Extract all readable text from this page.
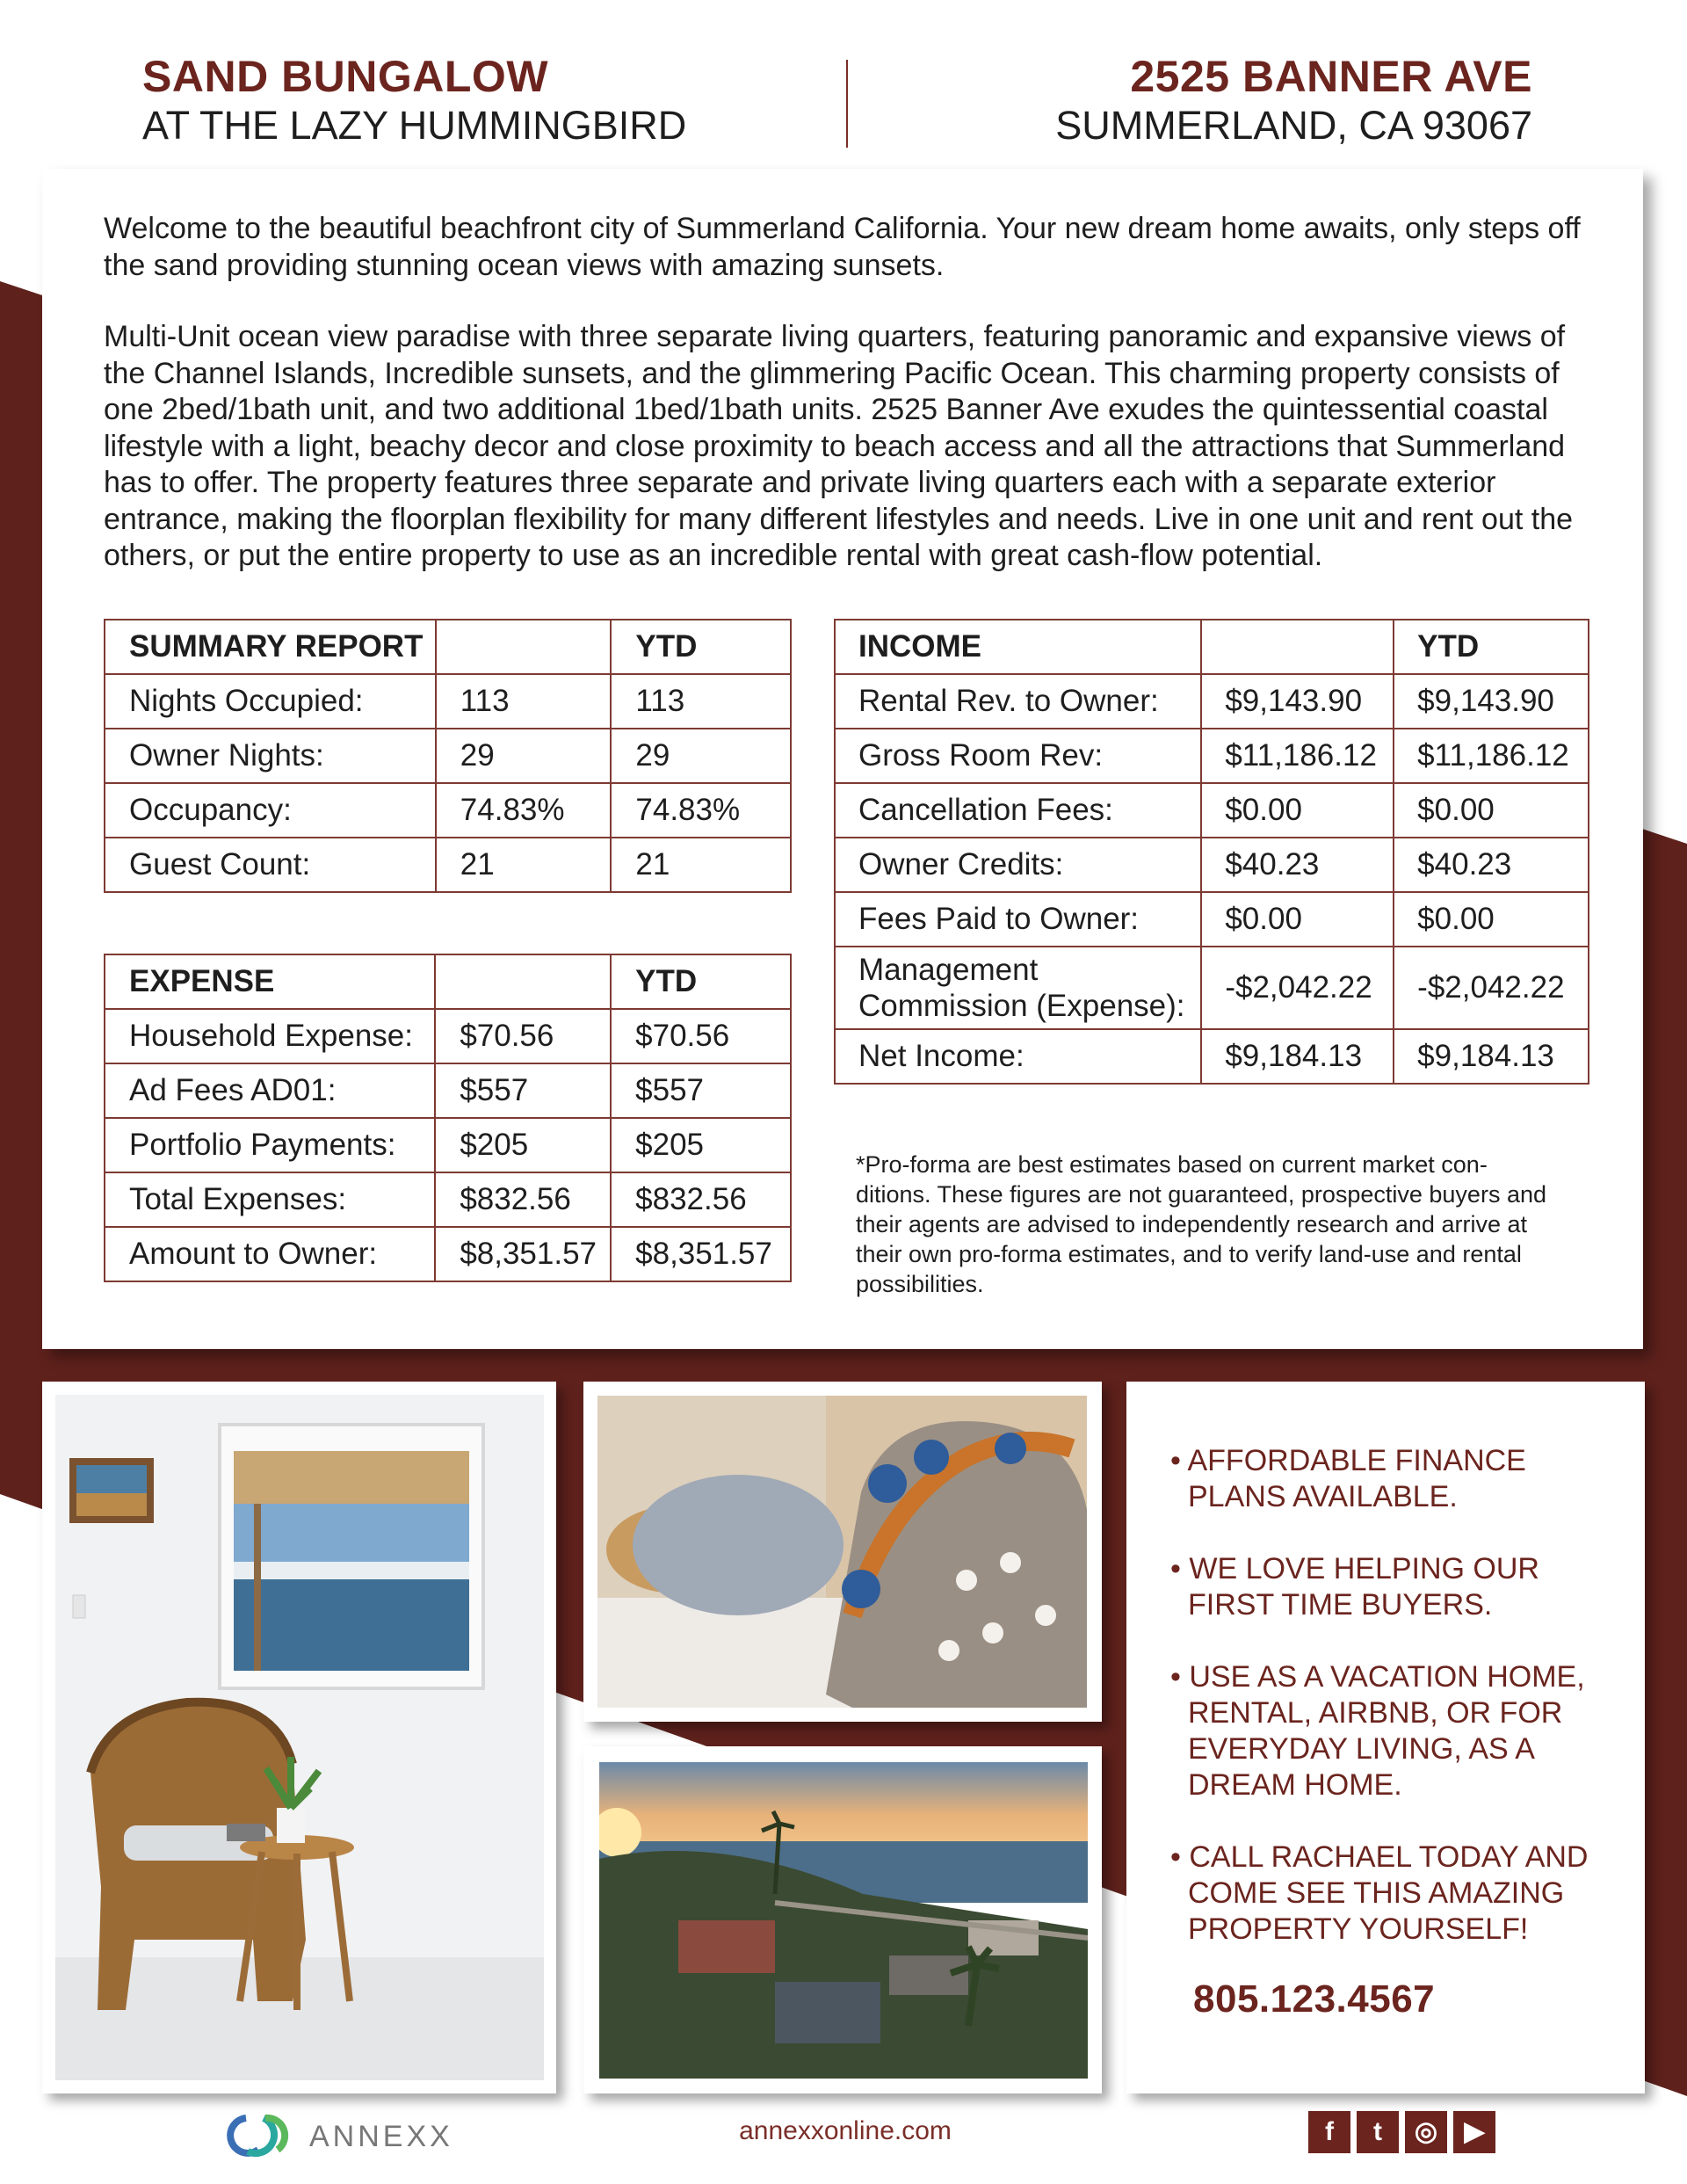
SAND BUNGALOW
AT THE LAZY HUMMINGBIRD
2525 BANNER AVE
SUMMERLAND, CA 93067
Welcome to the beautiful beachfront city of Summerland California. Your new dream home awaits, only steps off the sand providing stunning ocean views with amazing sunsets.
Multi-Unit ocean view paradise with three separate living quarters, featuring panoramic and expansive views of the Channel Islands, Incredible sunsets, and the glimmering Pacific Ocean. This charming property consists of one 2bed/1bath unit, and two additional 1bed/1bath units. 2525 Banner Ave exudes the quintessential coastal lifestyle with a light, beachy decor and close proximity to beach access and all the attractions that Summerland has to offer. The property features three separate and private living quarters each with a separate exterior entrance, making the floorplan flexibility for many different lifestyles and needs. Live in one unit and rent out the others, or put the entire property to use as an incredible rental with great cash-flow potential.
SUMMARY REPORT		YTD
Nights Occupied:	113	113
Owner Nights:	29	29
Occupancy:	74.83%	74.83%
Guest Count:	21	21
EXPENSE		YTD
Household Expense:	$70.56	$70.56
Ad Fees AD01:	$557	$557
Portfolio Payments:	$205	$205
Total Expenses:	$832.56	$832.56
Amount to Owner:	$8,351.57	$8,351.57
INCOME		YTD
Rental Rev. to Owner:	$9,143.90	$9,143.90
Gross Room Rev:	$11,186.12	$11,186.12
Cancellation Fees:	$0.00	$0.00
Owner Credits:	$40.23	$40.23
Fees Paid to Owner:	$0.00	$0.00

Management
Commission (Expense):	-$2,042.22	-$2,042.22
Net Income:	$9,184.13	$9,184.13
*Pro-forma are best estimates based on current market con- ditions. These figures are not guaranteed, prospective buyers and their agents are advised to independently research and arrive at their own pro-forma estimates, and to verify land-use and rental possibilities.
• AFFORDABLE FINANCE PLANS AVAILABLE.
• WE LOVE HELPING OUR FIRST TIME BUYERS.
• USE AS A VACATION HOME, RENTAL, AIRBNB, OR FOR EVERYDAY LIVING, AS A DREAM HOME.
• CALL RACHAEL TODAY AND COME SEE THIS AMAZING PROPERTY YOURSELF!
805.123.4567
ANNEXX	annexxonline.com	f t ◎ ▶
